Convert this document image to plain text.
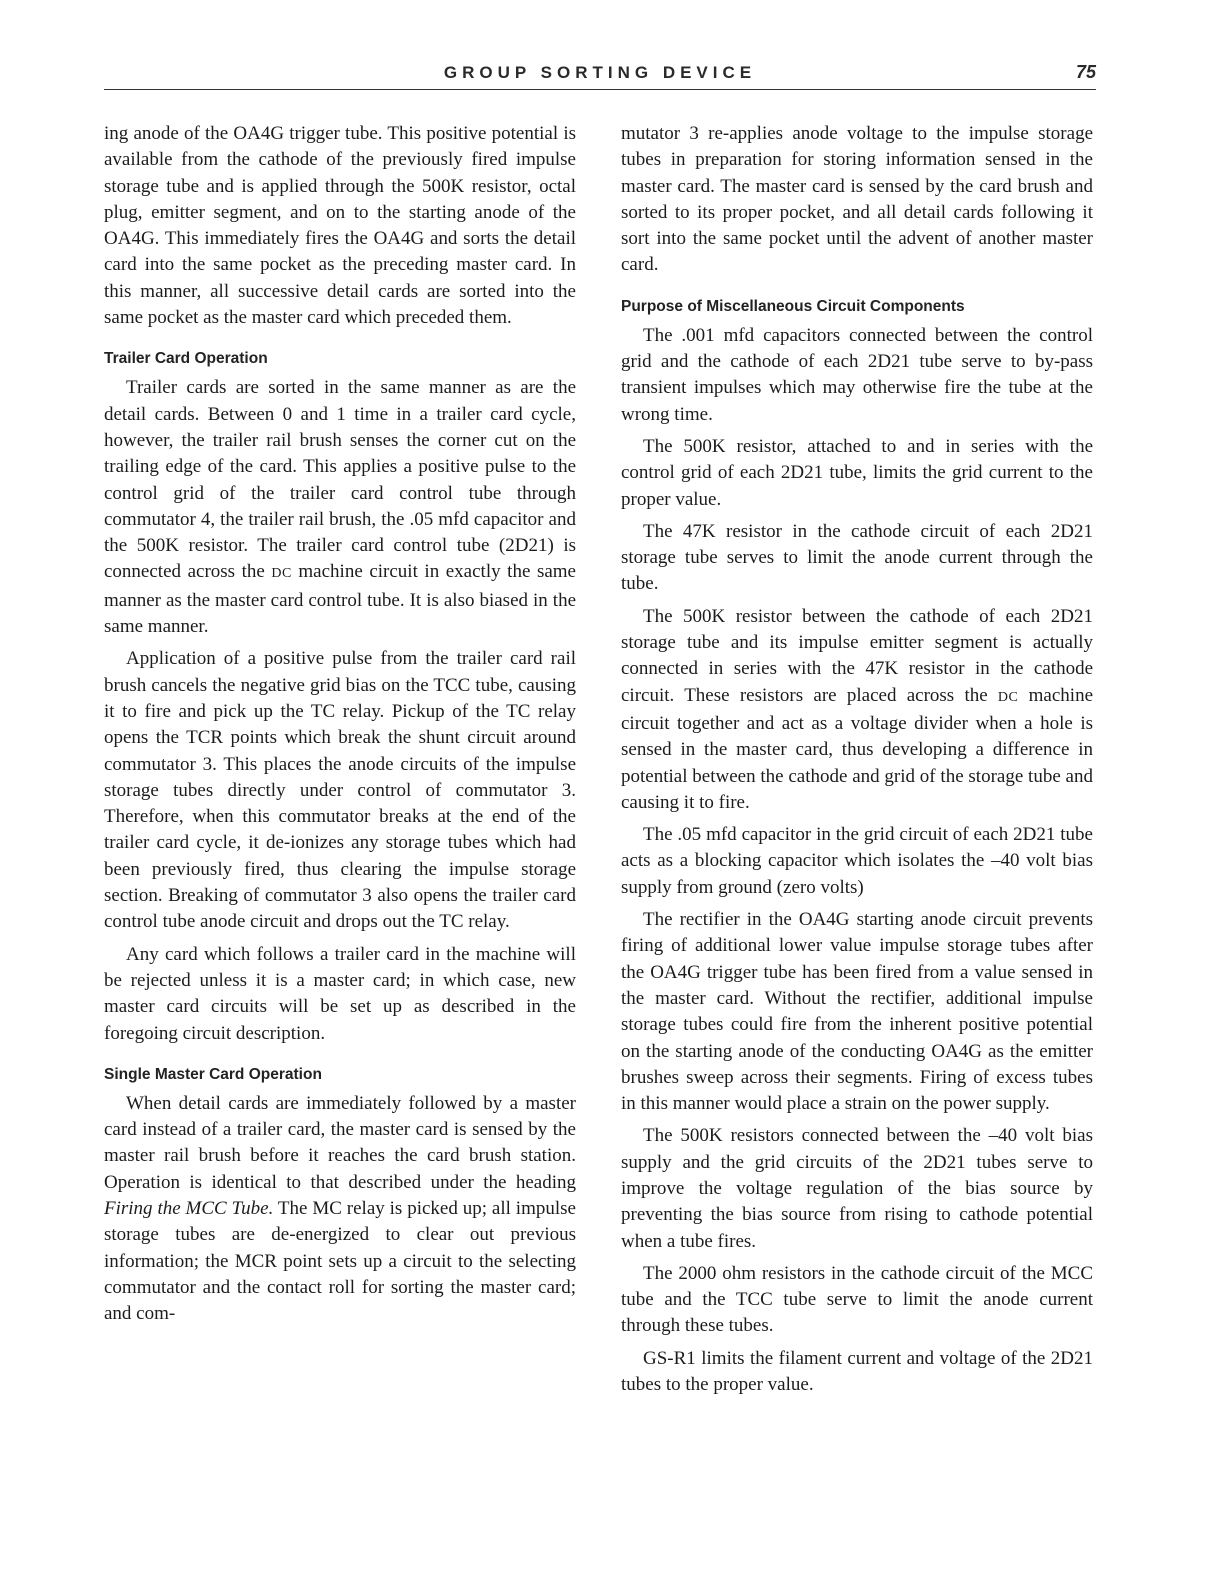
GROUP SORTING DEVICE	75

ing anode of the OA4G trigger tube. This positive potential is available from the cathode of the previously fired impulse storage tube and is applied through the 500K resistor, octal plug, emitter segment, and on to the starting anode of the OA4G. This immediately fires the OA4G and sorts the detail card into the same pocket as the preceding master card. In this manner, all successive detail cards are sorted into the same pocket as the master card which preceded them.

Trailer Card Operation

Trailer cards are sorted in the same manner as are the detail cards. Between 0 and 1 time in a trailer card cycle, however, the trailer rail brush senses the corner cut on the trailing edge of the card. This applies a positive pulse to the control grid of the trailer card control tube through commutator 4, the trailer rail brush, the .05 mfd capacitor and the 500K resistor. The trailer card control tube (2D21) is connected across the DC machine circuit in exactly the same manner as the master card control tube. It is also biased in the same manner.

Application of a positive pulse from the trailer card rail brush cancels the negative grid bias on the TCC tube, causing it to fire and pick up the TC relay. Pickup of the TC relay opens the TCR points which break the shunt circuit around commutator 3. This places the anode circuits of the impulse storage tubes directly under control of commutator 3. Therefore, when this commutator breaks at the end of the trailer card cycle, it de-ionizes any storage tubes which had been previously fired, thus clearing the impulse storage section. Breaking of commutator 3 also opens the trailer card control tube anode circuit and drops out the TC relay.

Any card which follows a trailer card in the machine will be rejected unless it is a master card; in which case, new master card circuits will be set up as described in the foregoing circuit description.

Single Master Card Operation

When detail cards are immediately followed by a master card instead of a trailer card, the master card is sensed by the master rail brush before it reaches the card brush station. Operation is identical to that described under the heading Firing the MCC Tube. The MC relay is picked up; all impulse storage tubes are de-energized to clear out previous information; the MCR point sets up a circuit to the selecting commutator and the contact roll for sorting the master card; and com-

mutator 3 re-applies anode voltage to the impulse storage tubes in preparation for storing information sensed in the master card. The master card is sensed by the card brush and sorted to its proper pocket, and all detail cards following it sort into the same pocket until the advent of another master card.

Purpose of Miscellaneous Circuit Components

The .001 mfd capacitors connected between the control grid and the cathode of each 2D21 tube serve to by-pass transient impulses which may otherwise fire the tube at the wrong time.

The 500K resistor, attached to and in series with the control grid of each 2D21 tube, limits the grid current to the proper value.

The 47K resistor in the cathode circuit of each 2D21 storage tube serves to limit the anode current through the tube.

The 500K resistor between the cathode of each 2D21 storage tube and its impulse emitter segment is actually connected in series with the 47K resistor in the cathode circuit. These resistors are placed across the DC machine circuit together and act as a voltage divider when a hole is sensed in the master card, thus developing a difference in potential between the cathode and grid of the storage tube and causing it to fire.

The .05 mfd capacitor in the grid circuit of each 2D21 tube acts as a blocking capacitor which isolates the –40 volt bias supply from ground (zero volts)

The rectifier in the OA4G starting anode circuit prevents firing of additional lower value impulse storage tubes after the OA4G trigger tube has been fired from a value sensed in the master card. Without the rectifier, additional impulse storage tubes could fire from the inherent positive potential on the starting anode of the conducting OA4G as the emitter brushes sweep across their segments. Firing of excess tubes in this manner would place a strain on the power supply.

The 500K resistors connected between the –40 volt bias supply and the grid circuits of the 2D21 tubes serve to improve the voltage regulation of the bias source by preventing the bias source from rising to cathode potential when a tube fires.

The 2000 ohm resistors in the cathode circuit of the MCC tube and the TCC tube serve to limit the anode current through these tubes.

GS-R1 limits the filament current and voltage of the 2D21 tubes to the proper value.
